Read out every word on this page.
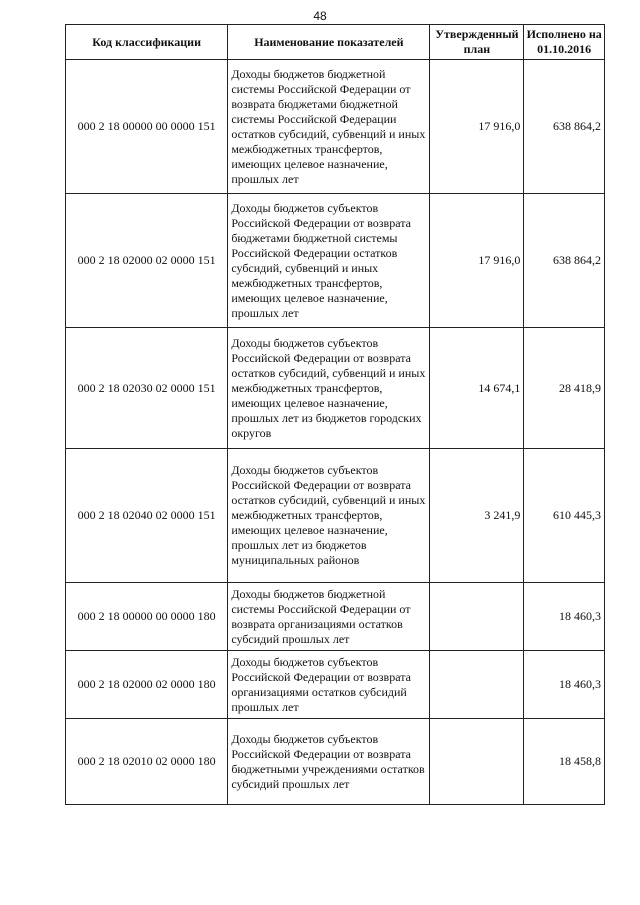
48
Код классификации	Наименование показателей	Утвержденный план	Исполнено на 01.10.2016
000 2 18 00000 00 0000 151	Доходы бюджетов бюджетной системы Российской Федерации от возврата бюджетами бюджетной системы Российской Федерации остатков субсидий, субвенций и иных межбюджетных трансфертов, имеющих целевое назначение, прошлых лет	17 916,0	638 864,2
000 2 18 02000 02 0000 151	Доходы бюджетов субъектов Российской Федерации от возврата бюджетами бюджетной системы Российской Федерации остатков субсидий, субвенций и иных межбюджетных трансфертов, имеющих целевое назначение, прошлых лет	17 916,0	638 864,2
000 2 18 02030 02 0000 151	Доходы бюджетов субъектов Российской Федерации от возврата остатков субсидий, субвенций и иных межбюджетных трансфертов, имеющих целевое назначение, прошлых лет из бюджетов городских округов	14 674,1	28 418,9
000 2 18 02040 02 0000 151	Доходы бюджетов субъектов Российской Федерации от возврата остатков субсидий, субвенций и иных межбюджетных трансфертов, имеющих целевое назначение, прошлых лет из бюджетов муниципальных районов	3 241,9	610 445,3
000 2 18 00000 00 0000 180	Доходы бюджетов бюджетной системы Российской Федерации от возврата организациями остатков субсидий прошлых лет		18 460,3
000 2 18 02000 02 0000 180	Доходы бюджетов субъектов Российской Федерации от возврата организациями остатков субсидий прошлых лет		18 460,3
000 2 18 02010 02 0000 180	Доходы бюджетов субъектов Российской Федерации от возврата бюджетными учреждениями остатков субсидий прошлых лет		18 458,8
